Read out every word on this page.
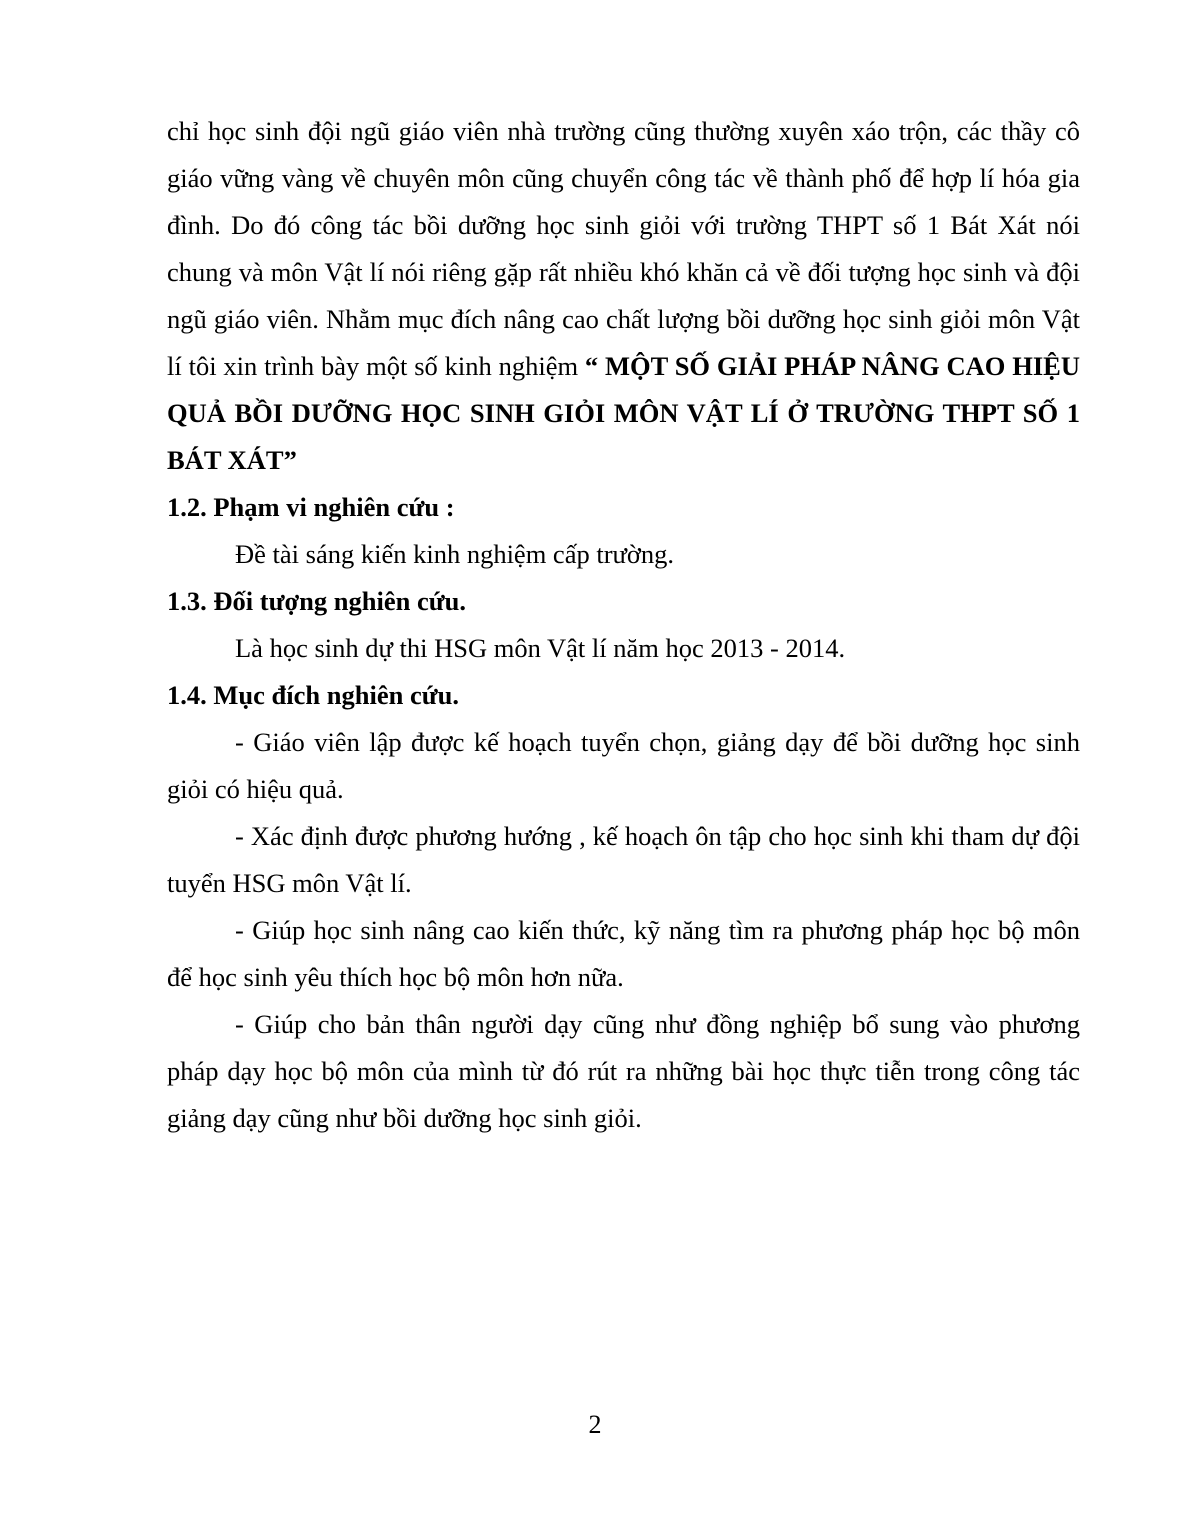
chỉ học sinh đội ngũ giáo viên nhà trường cũng thường xuyên xáo trộn, các thầy cô giáo vững vàng về chuyên môn cũng chuyển công tác về thành phố để hợp lí hóa gia đình. Do đó công tác bồi dưỡng học sinh giỏi với trường THPT số 1 Bát Xát nói chung và môn Vật lí nói riêng gặp rất nhiều khó khăn cả về đối tượng học sinh và đội ngũ giáo viên. Nhằm mục đích nâng cao chất lượng bồi dưỡng học sinh giỏi môn Vật lí tôi xin trình bày một số kinh nghiệm “ MỘT SỐ GIẢI PHÁP NÂNG CAO HIỆU QUẢ BỒI DƯỠNG HỌC SINH GIỎI MÔN VẬT LÍ Ở TRƯỜNG THPT SỐ 1 BÁT XÁT”

1.2. Phạm vi nghiên cứu :

Đề tài sáng kiến kinh nghiệm cấp trường.

1.3. Đối tượng nghiên cứu.

Là học sinh dự thi HSG môn Vật lí năm học 2013 - 2014.

1.4. Mục đích nghiên cứu.

- Giáo viên lập được kế hoạch tuyển chọn, giảng dạy để bồi dưỡng học sinh giỏi có hiệu quả.

- Xác định được phương hướng , kế hoạch ôn tập cho học sinh khi tham dự đội tuyển HSG môn Vật lí.

- Giúp học sinh nâng cao kiến thức, kỹ năng tìm ra phương pháp học bộ môn để học sinh yêu thích học bộ môn hơn nữa.

- Giúp cho bản thân người dạy cũng như đồng nghiệp bổ sung vào phương pháp dạy học bộ môn của mình từ đó rút ra những bài học thực tiễn trong công tác giảng dạy cũng như bồi dưỡng học sinh giỏi.

2
